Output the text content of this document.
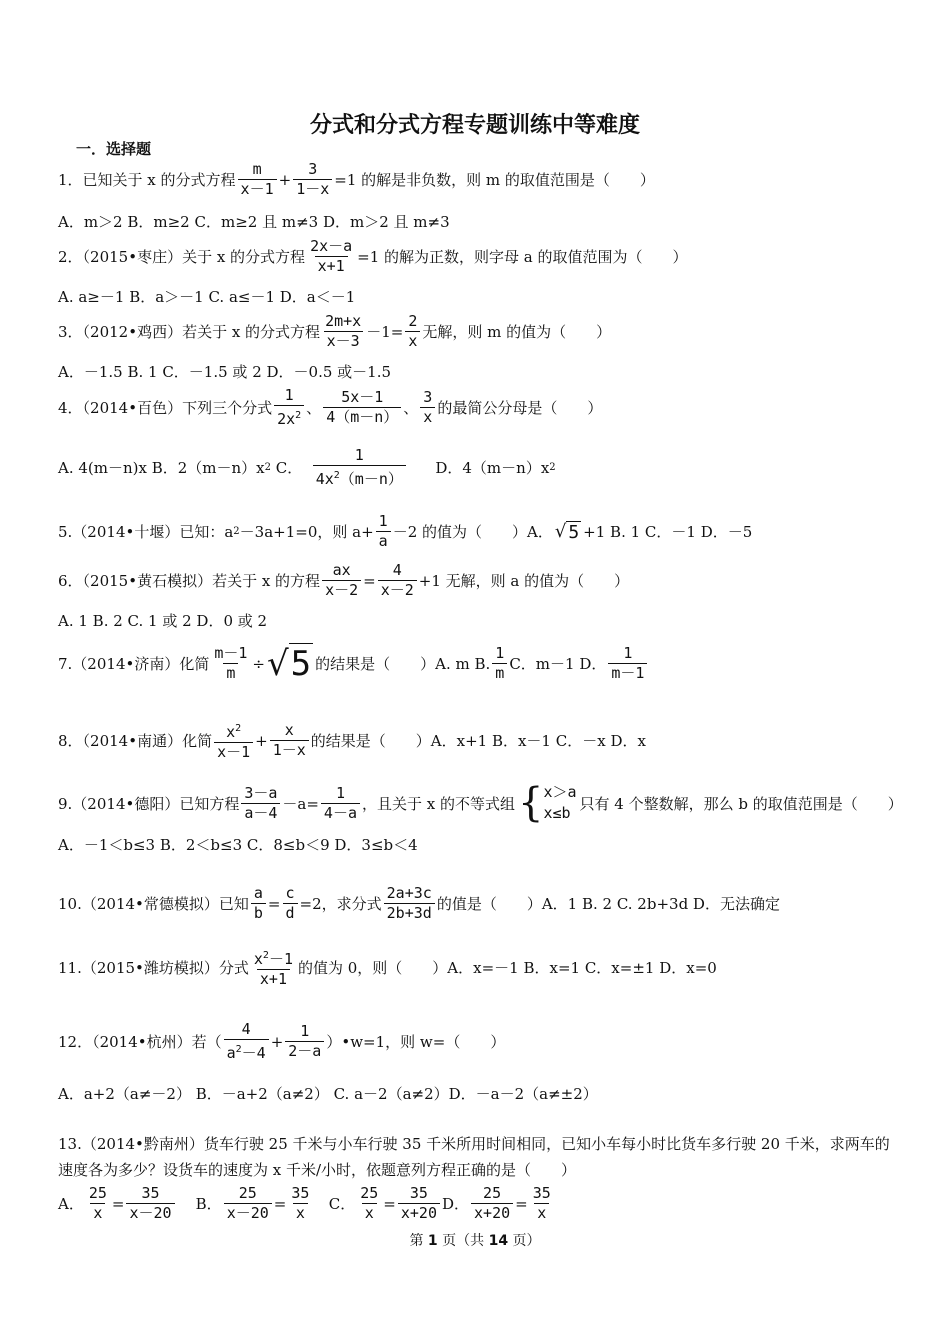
分式和分式方程专题训练中等难度
一．选择题
1．已知关于 x 的分式方程 $\frac{m}{x-1} + \frac{3}{1-x} =1$ 的解是非负数，则 m 的取值范围是（　　）
A．m＞2 B．m≥2 C．m≥2 且 m≠3 D．m＞2 且 m≠3
2．（2015•枣庄）关于 x 的分式方程 $\frac{2x-a}{x+1} =1$ 的解为正数，则字母 a 的取值范围为（　　）
A. a≥－1 B．a＞－1 C. a≤－1 D．a＜－1
3．（2012•鸡西）若关于 x 的分式方程 $\frac{2m+x}{x-3} -1= \frac{2}{x}$ 无解，则 m 的值为（　　）
A．－1.5 B. 1 C．－1.5 或 2 D．－0.5 或－1.5
4．（2014•百色）下列三个分式 $\frac{1}{2x^2}$ 、 $\frac{5x-1}{4(m-n)}$ 、 $\frac{3}{x}$ 的最简公分母是（　　）
A. 4(m－n)x B．2（m－n）x 2
C． $\frac{1}{4x^2(m-n)}$
D．4（m－n）x 2
5.（2014•十堰）已知：a 2 －3a+1=0，则 $a+ \frac{1}{a} -2$ 的值为（　　）A． √ 5 +1 B. 1 C．－1 D．－5
6．（2015•黄石模拟）若关于 x 的方程 $\frac{ax}{x-2} = \frac{4}{x-2} +1$ 无解，则 a 的值为（　　）
A. 1 B. 2 C. 1 或 2 D．0 或 2
7.（2014•济南）化简 $\frac{m-1}{m}$ ÷ √ 5 的结果是（　　）A. m B. $\frac{1}{m}$ C．m－1 D． $\frac{1}{m-1}$
8．（2014•南通）化简 $\frac{x^2}{x-1} + \frac{x}{1-x}$ 的结果是（　　）A．x+1 B．x－1 C．－x D．x
9.（2014•德阳）已知方程 $\frac{3-a}{a-4} -a= \frac{1}{4-a}$ ，且关于 x 的不等式组 { x＞a
x≤b
只有 4 个整数解，那么 b 的取值范围是（　　）
A．－1＜b≤3 B．2＜b≤3 C．8≤b＜9 D．3≤b＜4
10.（2014•常德模拟）已知 $\frac{a}{b} = \frac{c}{d} =2$，求分式 $\frac{2a+3c}{2b+3d}$ 的值是（　　）A．1 B. 2 C. 2b+3d D．无法确定
11.（2015•潍坊模拟）分式 $\frac{x^2-1}{x+1}$ 的值为 0，则（　　）A．x=－1 B．x=1 C．x=±1 D．x=0
12．（2014•杭州）若（ $\frac{4}{a^2-4} + \frac{1}{2-a}$ ）•w=1，则 w=（　　）
A．a+2（a≠－2） B．－a+2（a≠2） C. a－2（a≠2）D．－a－2（a≠±2）
13.（2014•黔南州）货车行驶 25 千米与小车行驶 35 千米所用时间相同，已知小车每小时比货车多行驶 20 千米，求两车的速度各为多少？设货车的速度为 x 千米/小时，依题意列方程正确的是（　　）
A． $\frac{25}{x} = \frac{35}{x-20}$
B． $\frac{25}{x-20} = \frac{35}{x}$
C． $\frac{25}{x} = \frac{35}{x+20}$ D． $\frac{25}{x+20} = \frac{35}{x}$
第 1 页（共 14 页）
